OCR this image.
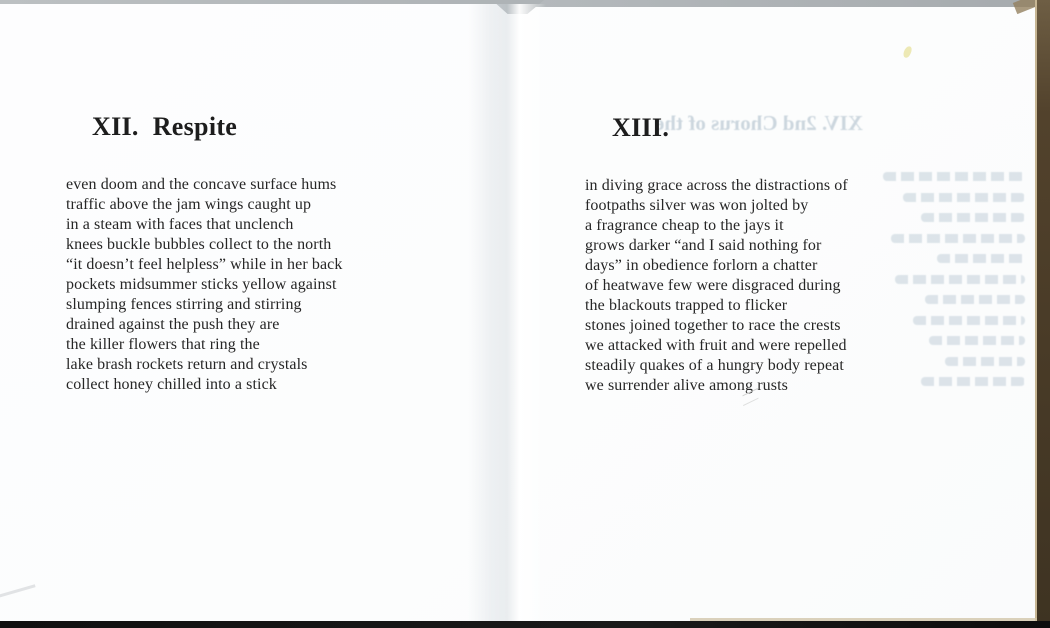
XIV. 2nd Chorus of the
XII. Respite
even doom and the concave surface hums
traffic above the jam wings caught up
in a steam with faces that unclench
knees buckle bubbles collect to the north
“it doesn’t feel helpless” while in her back
pockets midsummer sticks yellow against
slumping fences stirring and stirring
drained against the push they are
the killer flowers that ring the
lake brash rockets return and crystals
collect honey chilled into a stick
XIII.
in diving grace across the distractions of
footpaths silver was won jolted by
a fragrance cheap to the jays it
grows darker “and I said nothing for
days” in obedience forlorn a chatter
of heatwave few were disgraced during
the blackouts trapped to flicker
stones joined together to race the crests
we attacked with fruit and were repelled
steadily quakes of a hungry body repeat
we surrender alive among rusts
